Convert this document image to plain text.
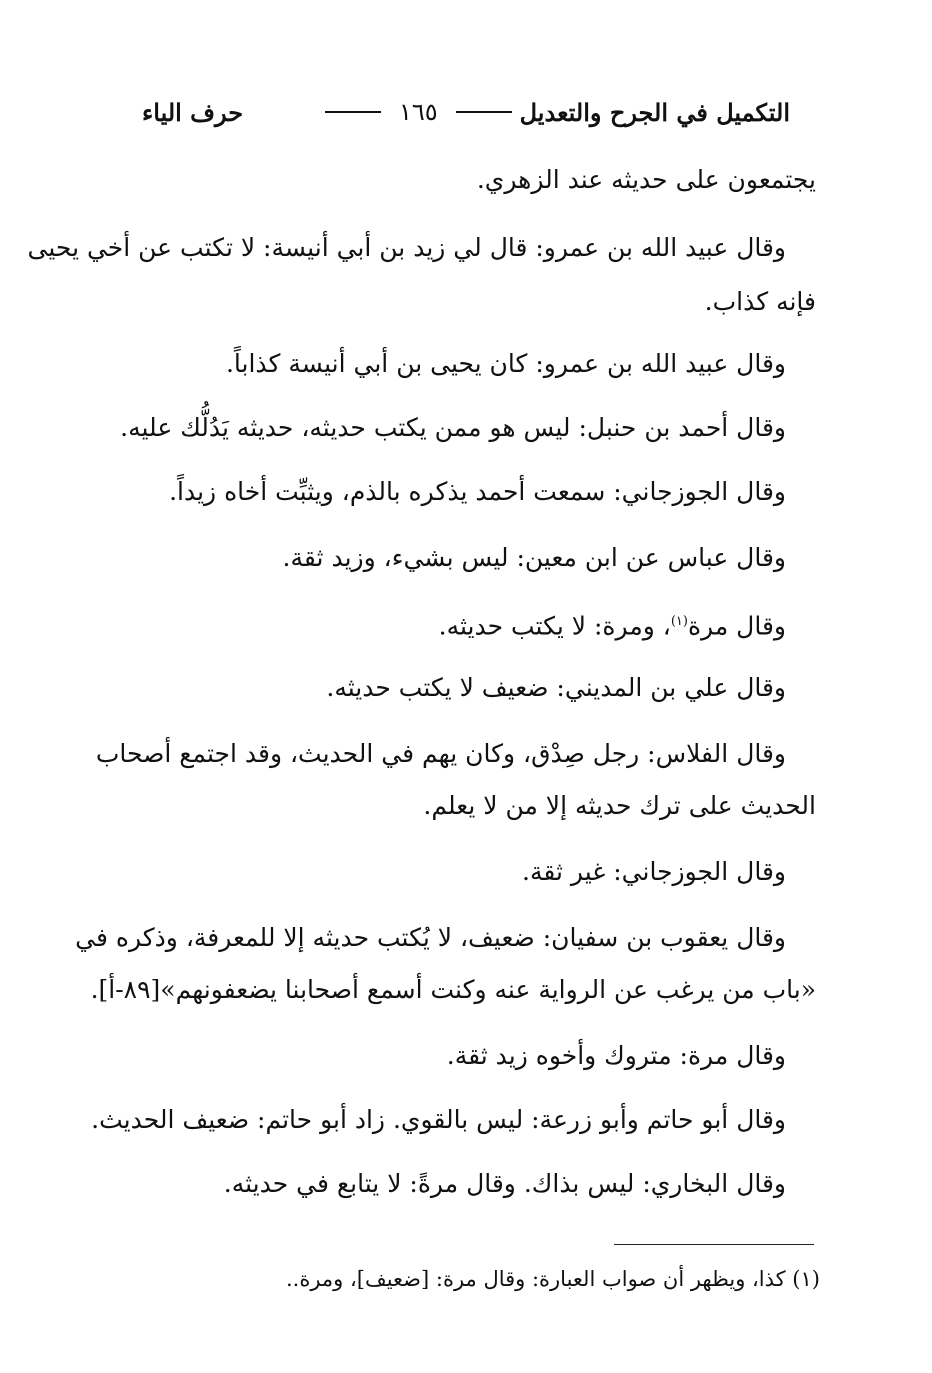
التكميل في الجرح والتعديل
١٦٥
حرف الياء
يجتمعون على حديثه عند الزهري.
وقال عبيد الله بن عمرو: قال لي زيد بن أبي أنيسة: لا تكتب عن أخي يحيى
فإنه كذاب.
وقال عبيد الله بن عمرو: كان يحيى بن أبي أنيسة كذاباً.
وقال أحمد بن حنبل: ليس هو ممن يكتب حديثه، حديثه يَدُلُّك عليه.
وقال الجوزجاني: سمعت أحمد يذكره بالذم، ويثبِّت أخاه زيداً.
وقال عباس عن ابن معين: ليس بشيء، وزيد ثقة.
وقال مرة$^{(١)}$، ومرة: لا يكتب حديثه.
وقال علي بن المديني: ضعيف لا يكتب حديثه.
وقال الفلاس: رجل صِدْق، وكان يهم في الحديث، وقد اجتمع أصحاب
الحديث على ترك حديثه إلا من لا يعلم.
وقال الجوزجاني: غير ثقة.
وقال يعقوب بن سفيان: ضعيف، لا يُكتب حديثه إلا للمعرفة، وذكره في
«باب من يرغب عن الرواية عنه وكنت أسمع أصحابنا يضعفونهم»[٨٩-أ].
وقال مرة: متروك وأخوه زيد ثقة.
وقال أبو حاتم وأبو زرعة: ليس بالقوي. زاد أبو حاتم: ضعيف الحديث.
وقال البخاري: ليس بذاك. وقال مرةً: لا يتابع في حديثه.
(١) كذا، ويظهر أن صواب العبارة: وقال مرة: [ضعيف]، ومرة..
